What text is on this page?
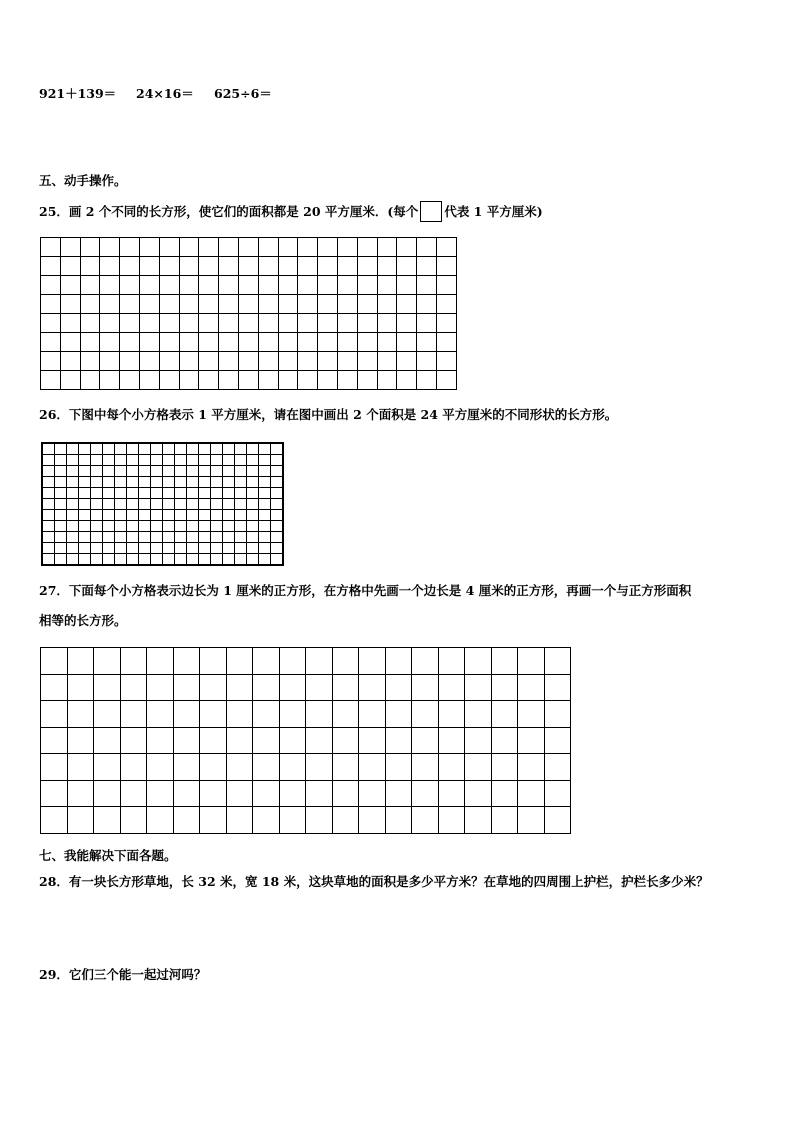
921＋139＝ 24×16＝ 625÷6＝
五、动手操作。
25．画 2 个不同的长方形，使它们的面积都是 20 平方厘米．(每个 代表 1 平方厘米)

26．下图中每个小方格表示 1 平方厘米，请在图中画出 2 个面积是 24 平方厘米的不同形状的长方形。

27．下面每个小方格表示边长为 1 厘米的正方形，在方格中先画一个边长是 4 厘米的正方形，再画一个与正方形面积
相等的长方形。

七、我能解决下面各题。
28．有一块长方形草地，长 32 米，宽 18 米，这块草地的面积是多少平方米？在草地的四周围上护栏，护栏长多少米？
29．它们三个能一起过河吗？
